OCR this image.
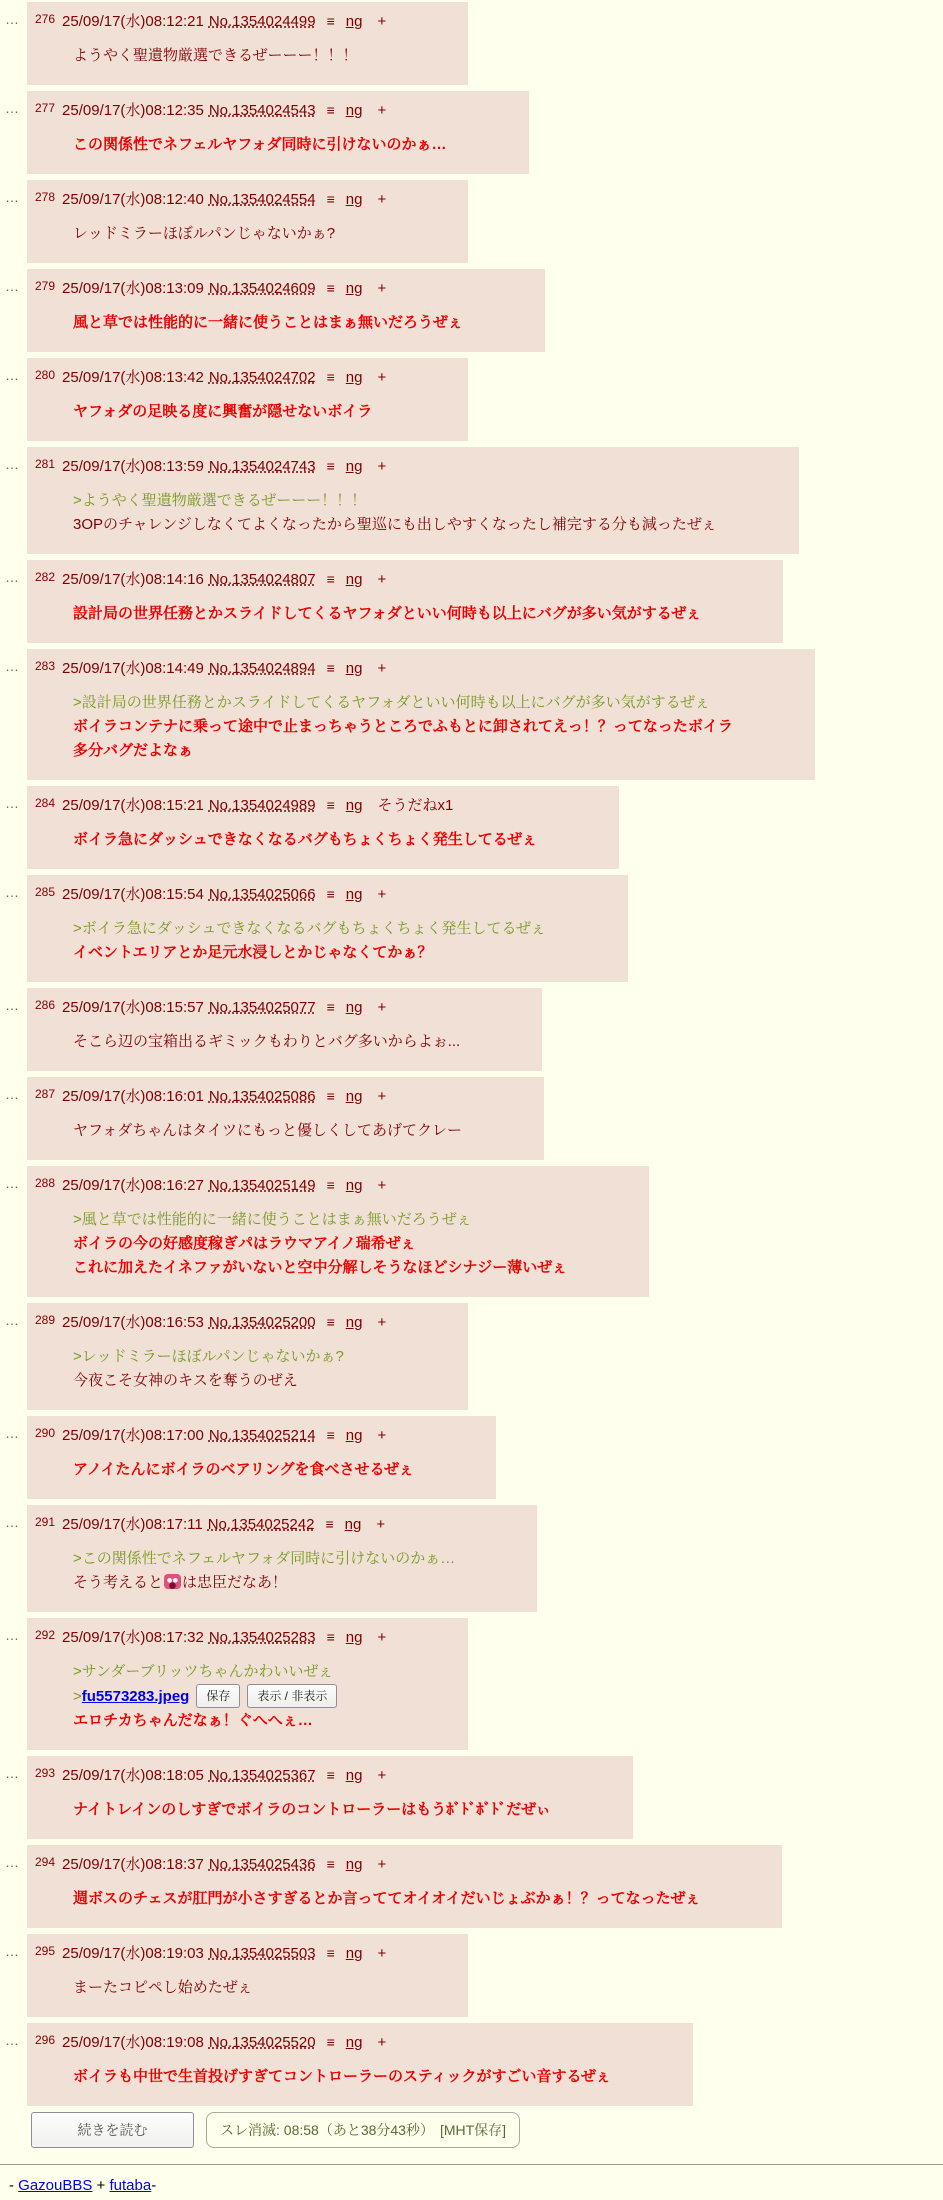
…	$^{276}$ 25/09/17(水)08:12:21 No.1354024499 ≡ ng +
ようやく聖遺物厳選できるぜーーー！！！
…	$^{277}$ 25/09/17(水)08:12:35 No.1354024543 ≡ ng +
この関係性でネフェルヤフォダ同時に引けないのかぁ…
…	$^{278}$ 25/09/17(水)08:12:40 No.1354024554 ≡ ng +
レッドミラーほぼルパンじゃないかぁ?
…	$^{279}$ 25/09/17(水)08:13:09 No.1354024609 ≡ ng +
風と草では性能的に一緒に使うことはまぁ無いだろうぜぇ
…	$^{280}$ 25/09/17(水)08:13:42 No.1354024702 ≡ ng +
ヤフォダの足映る度に興奮が隠せないボイラ
…	$^{281}$ 25/09/17(水)08:13:59 No.1354024743 ≡ ng +
>ようやく聖遺物厳選できるぜーーー！！！
3OPのチャレンジしなくてよくなったから聖巡にも出しやすくなったし補完する分も減ったぜぇ
…	$^{282}$ 25/09/17(水)08:14:16 No.1354024807 ≡ ng +
設計局の世界任務とかスライドしてくるヤフォダといい何時も以上にバグが多い気がするぜぇ
…	$^{283}$ 25/09/17(水)08:14:49 No.1354024894 ≡ ng +
>設計局の世界任務とかスライドしてくるヤフォダといい何時も以上にバグが多い気がするぜぇ
ボイラコンテナに乗って途中で止まっちゃうところでふもとに卸されてえっ！？ってなったボイラ
多分バグだよなぁ
…	$^{284}$ 25/09/17(水)08:15:21 No.1354024989 ≡ ng そうだねx1
ボイラ急にダッシュできなくなるバグもちょくちょく発生してるぜぇ
…	$^{285}$ 25/09/17(水)08:15:54 No.1354025066 ≡ ng +
>ボイラ急にダッシュできなくなるバグもちょくちょく発生してるぜぇ
イベントエリアとか足元水浸しとかじゃなくてかぁ？
…	$^{286}$ 25/09/17(水)08:15:57 No.1354025077 ≡ ng +
そこら辺の宝箱出るギミックもわりとバグ多いからよぉ...
…	$^{287}$ 25/09/17(水)08:16:01 No.1354025086 ≡ ng +
ヤフォダちゃんはタイツにもっと優しくしてあげてクレー
…	$^{288}$ 25/09/17(水)08:16:27 No.1354025149 ≡ ng +
>風と草では性能的に一緒に使うことはまぁ無いだろうぜぇ
ボイラの今の好感度稼ぎパはラウマアイノ瑞希ぜぇ
これに加えたイネファがいないと空中分解しそうなほどシナジー薄いぜぇ
…	$^{289}$ 25/09/17(水)08:16:53 No.1354025200 ≡ ng +
>レッドミラーほぼルパンじゃないかぁ?
今夜こそ女神のキスを奪うのぜえ
…	$^{290}$ 25/09/17(水)08:17:00 No.1354025214 ≡ ng +
アノイたんにボイラのベアリングを食べさせるぜぇ
…	$^{291}$ 25/09/17(水)08:17:11 No.1354025242 ≡ ng +
>この関係性でネフェルヤフォダ同時に引けないのかぁ…
そう考えると は忠臣だなあ！
…	$^{292}$ 25/09/17(水)08:17:32 No.1354025283 ≡ ng +
>サンダーブリッツちゃんかわいいぜぇ
>fu5573283.jpeg 保存 表示 / 非表示
エロチカちゃんだなぁ！ぐへへぇ…
…	$^{293}$ 25/09/17(水)08:18:05 No.1354025367 ≡ ng +
ナイトレインのしすぎでボイラのコントローラーはもうﾎﾞﾄﾞﾎﾞﾄﾞだぜぃ
…	$^{294}$ 25/09/17(水)08:18:37 No.1354025436 ≡ ng +
週ボスのチェスが肛門が小さすぎるとか言っててオイオイだいじょぶかぁ！？ってなったぜぇ
…	$^{295}$ 25/09/17(水)08:19:03 No.1354025503 ≡ ng +
まーたコピペし始めたぜぇ
…	$^{296}$ 25/09/17(水)08:19:08 No.1354025520 ≡ ng +
ボイラも中世で生首投げすぎてコントローラーのスティックがすごい音するぜぇ
続きを読む	スレ消滅: 08:58（あと38分43秒） [MHT保存]
- GazouBBS + futaba-
